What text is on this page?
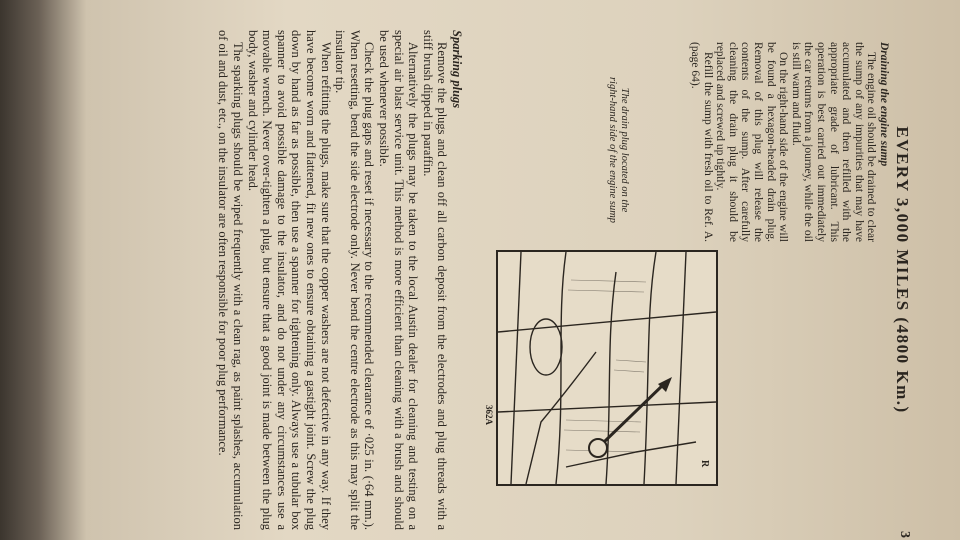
EVERY 3,000 MILES (4800 Km.)
3
Draining the engine sump

The engine oil should be drained to clear the sump of any impurities that may have accumulated and then refilled with the appropriate grade of lubricant. This operation is best carried out immediately the car returns from a journey, while the oil is still warm and fluid.

On the right-hand side of the engine will be found a hexagon-headed drain plug. Removal of this plug will release the contents of the sump. After carefully cleaning the drain plug it should be replaced and screwed up tightly.

Refill the sump with fresh oil to Ref. A. (page 64).

The drain plug located on the right-hand side of the engine sump
R
362A
Sparking plugs

Remove the plugs and clean off all carbon deposit from the electrodes and plug threads with a stiff brush dipped in paraffin.

Alternatively the plugs may be taken to the local Austin dealer for cleaning and testing on a special air blast service unit. This method is more efficient than cleaning with a brush and should be used whenever possible.

Check the plug gaps and reset if necessary to the recommended clearance of ·025 in. (·64 mm.). When resetting, bend the side electrode only. Never bend the centre electrode as this may split the insulator tip.

When refitting the plugs, make sure that the copper washers are not defective in any way. If they have become worn and flattened, fit new ones to ensure obtaining a gastight joint. Screw the plug down by hand as far as possible, then use a spanner for tightening only. Always use a tubular box spanner to avoid possible damage to the insulator, and do not under any circumstances use a movable wrench. Never over-tighten a plug, but ensure that a good joint is made between the plug body, washer and cylinder head.

The sparking plugs should be wiped frequently with a clean rag, as paint splashes, accumulation of oil and dust, etc., on the insulator are often responsible for poor plug performance.
